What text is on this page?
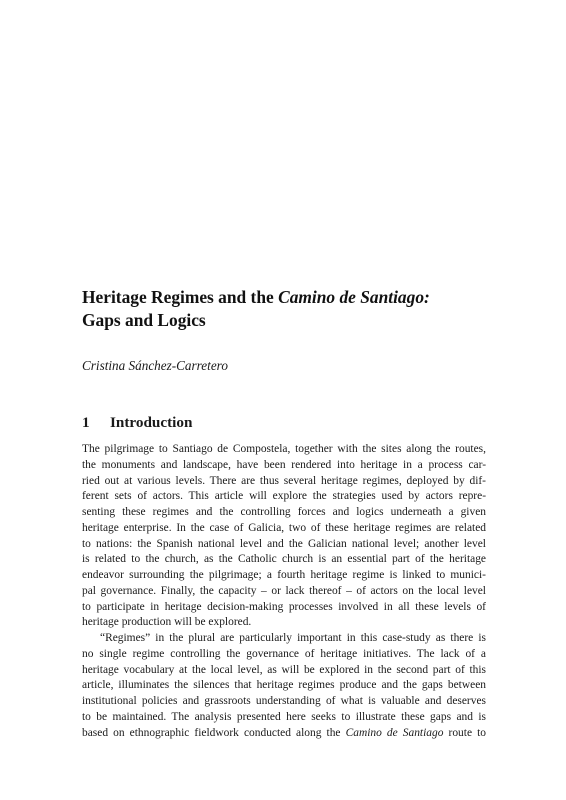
Heritage Regimes and the Camino de Santiago:
Gaps and Logics

Cristina Sánchez-Carretero

1 Introduction
The pilgrimage to Santiago de Compostela, together with the sites along the routes,
the monuments and landscape, have been rendered into heritage in a process car-
ried out at various levels. There are thus several heritage regimes, deployed by dif-
ferent sets of actors. This article will explore the strategies used by actors repre-
senting these regimes and the controlling forces and logics underneath a given
heritage enterprise. In the case of Galicia, two of these heritage regimes are related
to nations: the Spanish national level and the Galician national level; another level
is related to the church, as the Catholic church is an essential part of the heritage
endeavor surrounding the pilgrimage; a fourth heritage regime is linked to munici-
pal governance. Finally, the capacity – or lack thereof – of actors on the local level
to participate in heritage decision-making processes involved in all these levels of
heritage production will be explored.
“Regimes” in the plural are particularly important in this case-study as there is
no single regime controlling the governance of heritage initiatives. The lack of a
heritage vocabulary at the local level, as will be explored in the second part of this
article, illuminates the silences that heritage regimes produce and the gaps between
institutional policies and grassroots understanding of what is valuable and deserves
to be maintained. The analysis presented here seeks to illustrate these gaps and is
based on ethnographic fieldwork conducted along the Camino de Santiago route to
